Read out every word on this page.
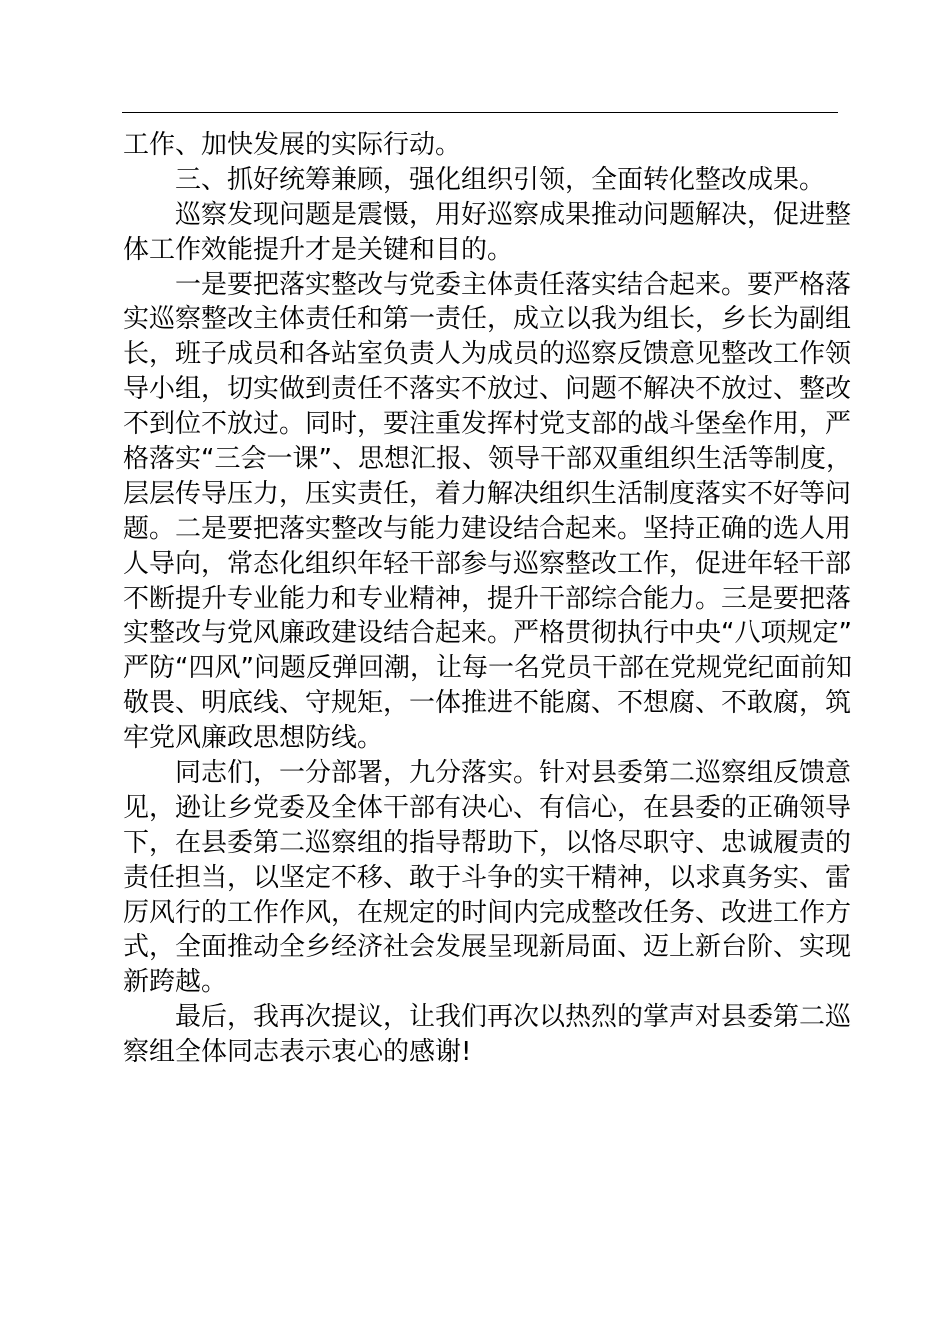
工作、加快发展的实际行动。
三、抓好统筹兼顾，强化组织引领，全面转化整改成果。
巡察发现问题是震慑，用好巡察成果推动问题解决，促进整
体工作效能提升才是关键和目的。
一是要把落实整改与党委主体责任落实结合起来。要严格落
实巡察整改主体责任和第一责任，成立以我为组长，乡长为副组
长，班子成员和各站室负责人为成员的巡察反馈意见整改工作领
导小组，切实做到责任不落实不放过、问题不解决不放过、整改
不到位不放过。同时，要注重发挥村党支部的战斗堡垒作用，严
格落实“三会一课”、思想汇报、领导干部双重组织生活等制度，
层层传导压力，压实责任，着力解决组织生活制度落实不好等问
题。二是要把落实整改与能力建设结合起来。坚持正确的选人用
人导向，常态化组织年轻干部参与巡察整改工作，促进年轻干部
不断提升专业能力和专业精神，提升干部综合能力。三是要把落
实整改与党风廉政建设结合起来。严格贯彻执行中央“八项规定”
严防“四风”问题反弹回潮，让每一名党员干部在党规党纪面前知
敬畏、明底线、守规矩，一体推进不能腐、不想腐、不敢腐，筑
牢党风廉政思想防线。
同志们，一分部署，九分落实。针对县委第二巡察组反馈意
见，逊让乡党委及全体干部有决心、有信心，在县委的正确领导
下，在县委第二巡察组的指导帮助下，以恪尽职守、忠诚履责的
责任担当，以坚定不移、敢于斗争的实干精神，以求真务实、雷
厉风行的工作作风，在规定的时间内完成整改任务、改进工作方
式，全面推动全乡经济社会发展呈现新局面、迈上新台阶、实现
新跨越。
最后，我再次提议，让我们再次以热烈的掌声对县委第二巡
察组全体同志表示衷心的感谢!
